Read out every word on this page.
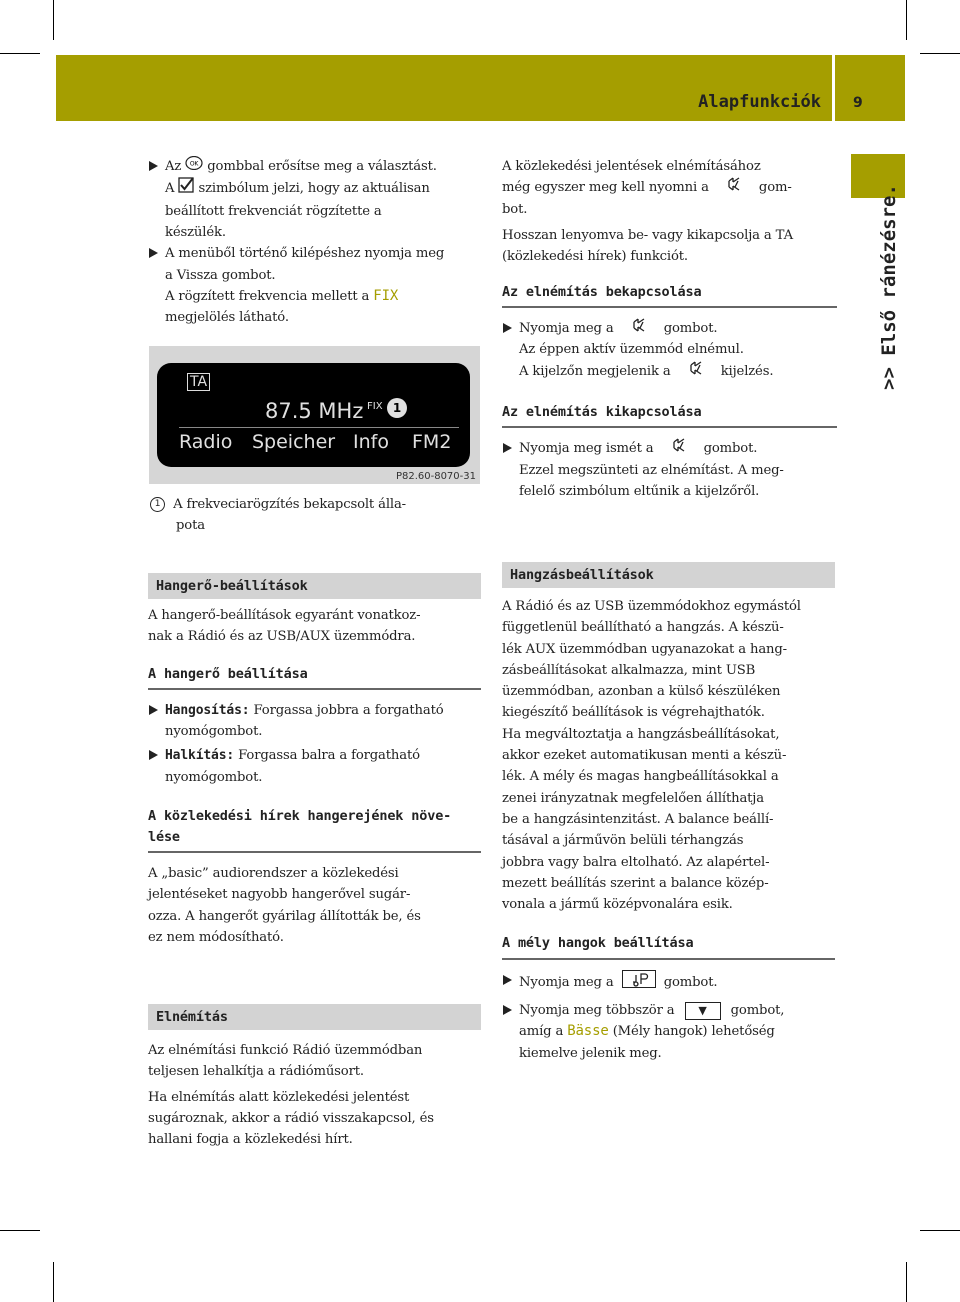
Alapfunkciók 9
>> Első ránézésre.
Az OK gombbal erősítse meg a választást.
A szimbólum jelzi, hogy az aktuálisan
beállított frekvenciát rögzítette a
készülék.
A menüből történő kilépéshez nyomja meg
a Vissza gombot.
A rögzített frekvencia mellett a FIX
megjelölés látható.
TA
87.5 MHz FIX 1
Radio Speicher Info FM2
P82.60-8070-31
1 A frekveciarögzítés bekapcsolt álla-
pota
A közlekedési jelentések elnémításához
még egyszer meg kell nyomni a	gom-
bot.
Hosszan lenyomva be- vagy kikapcsolja a TA
(közlekedési hírek) funkciót.
Az elnémítás bekapcsolása
Nyomja meg a	gombot.
Az éppen aktív üzemmód elnémul.
A kijelzőn megjelenik a	kijelzés.
Az elnémítás kikapcsolása
Nyomja meg ismét a	gombot.
Ezzel megszünteti az elnémítást. A meg-
felelő szimbólum eltűnik a kijelzőről.
Hangerő-beállítások
A hangerő-beállítások egyaránt vonatkoz-
nak a Rádió és az USB/AUX üzemmódra.
A hangerő beállítása
Hangosítás: Forgassa jobbra a forgatható
nyomógombot.
Halkítás: Forgassa balra a forgatható
nyomógombot.
A közlekedési hírek hangerejének növe-
lése
A „basic” audiorendszer a közlekedési
jelentéseket nagyobb hangerővel sugár-
ozza. A hangerőt gyárilag állították be, és
ez nem módosítható.
Elnémítás
Az elnémítási funkció Rádió üzemmódban
teljesen lehalkítja a rádióműsort.
Ha elnémítás alatt közlekedési jelentést
sugároznak, akkor a rádió visszakapcsol, és
hallani fogja a közlekedési hírt.
Hangzásbeállítások
A Rádió és az USB üzemmódokhoz egymástól
függetlenül beállítható a hangzás. A készü-
lék AUX üzemmódban ugyanazokat a hang-
zásbeállításokat alkalmazza, mint USB
üzemmódban, azonban a külső készüléken
kiegészítő beállítások is végrehajthatók.
Ha megváltoztatja a hangzásbeállításokat,
akkor ezeket automatikusan menti a készü-
lék. A mély és magas hangbeállításokkal a
zenei irányzatnak megfelelően állíthatja
be a hangzásintenzitást. A balance beállí-
tásával a járművön belüli térhangzás
jobbra vagy balra eltolható. Az alapértel-
mezett beállítás szerint a balance közép-
vonala a jármű középvonalára esik.
A mély hangok beállítása
Nyomja meg a	gombot.
Nyomja meg többször a ▼ gombot,
amíg a Bässe (Mély hangok) lehetőség
kiemelve jelenik meg.
